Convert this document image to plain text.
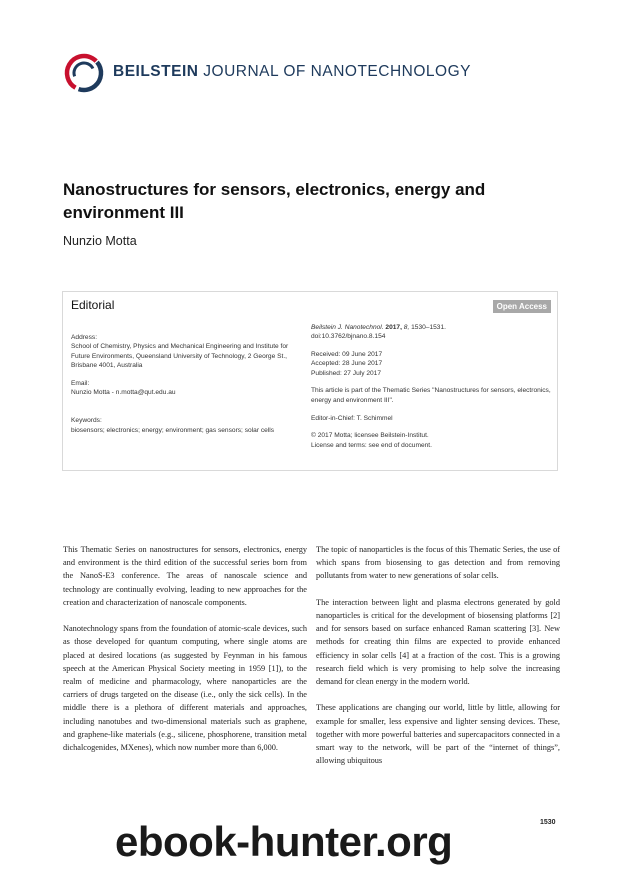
BEILSTEIN JOURNAL OF NANOTECHNOLOGY
Nanostructures for sensors, electronics, energy and environment III
Nunzio Motta
Editorial	Open Access

Address:
School of Chemistry, Physics and Mechanical Engineering and Institute for Future Environments, Queensland University of Technology, 2 George St., Brisbane 4001, Australia

Email:
Nunzio Motta - n.motta@qut.edu.au

Keywords:
biosensors; electronics; energy; environment; gas sensors; solar cells

Beilstein J. Nanotechnol. 2017, 8, 1530–1531.
doi:10.3762/bjnano.8.154

Received: 09 June 2017
Accepted: 28 June 2017
Published: 27 July 2017

This article is part of the Thematic Series "Nanostructures for sensors, electronics, energy and environment III".

Editor-in-Chief: T. Schimmel

© 2017 Motta; licensee Beilstein-Institut.
License and terms: see end of document.

This Thematic Series on nanostructures for sensors, electronics, energy and environment is the third edition of the successful series born from the NanoS-E3 conference. The areas of nanoscale science and technology are continually evolving, leading to new approaches for the creation and characterization of nanoscale components.

Nanotechnology spans from the foundation of atomic-scale devices, such as those developed for quantum computing, where single atoms are placed at desired locations (as suggested by Feynman in his famous speech at the American Physical Society meeting in 1959 [1]), to the realm of medicine and pharmacology, where nanoparticles are the carriers of drugs targeted on the disease (i.e., only the sick cells). In the middle there is a plethora of different materials and approaches, including nanotubes and two-dimensional materials such as graphene, and graphene-like materials (e.g., silicene, phosphorene, transition metal dichalcogenides, MXenes), which now number more than 6,000.

The topic of nanoparticles is the focus of this Thematic Series, the use of which spans from biosensing to gas detection and from removing pollutants from water to new generations of solar cells.

The interaction between light and plasma electrons generated by gold nanoparticles is critical for the development of biosensing platforms [2] and for sensors based on surface enhanced Raman scattering [3]. New methods for creating thin films are expected to provide enhanced efficiency in solar cells [4] at a fraction of the cost. This is a growing research field which is very promising to help solve the increasing demand for clean energy in the modern world.

These applications are changing our world, little by little, allowing for example for smaller, less expensive and lighter sensing devices. These, together with more powerful batteries and supercapacitors connected in a smart way to the network, will be part of the “internet of things”, allowing ubiquitous

1530
ebook-hunter.org
